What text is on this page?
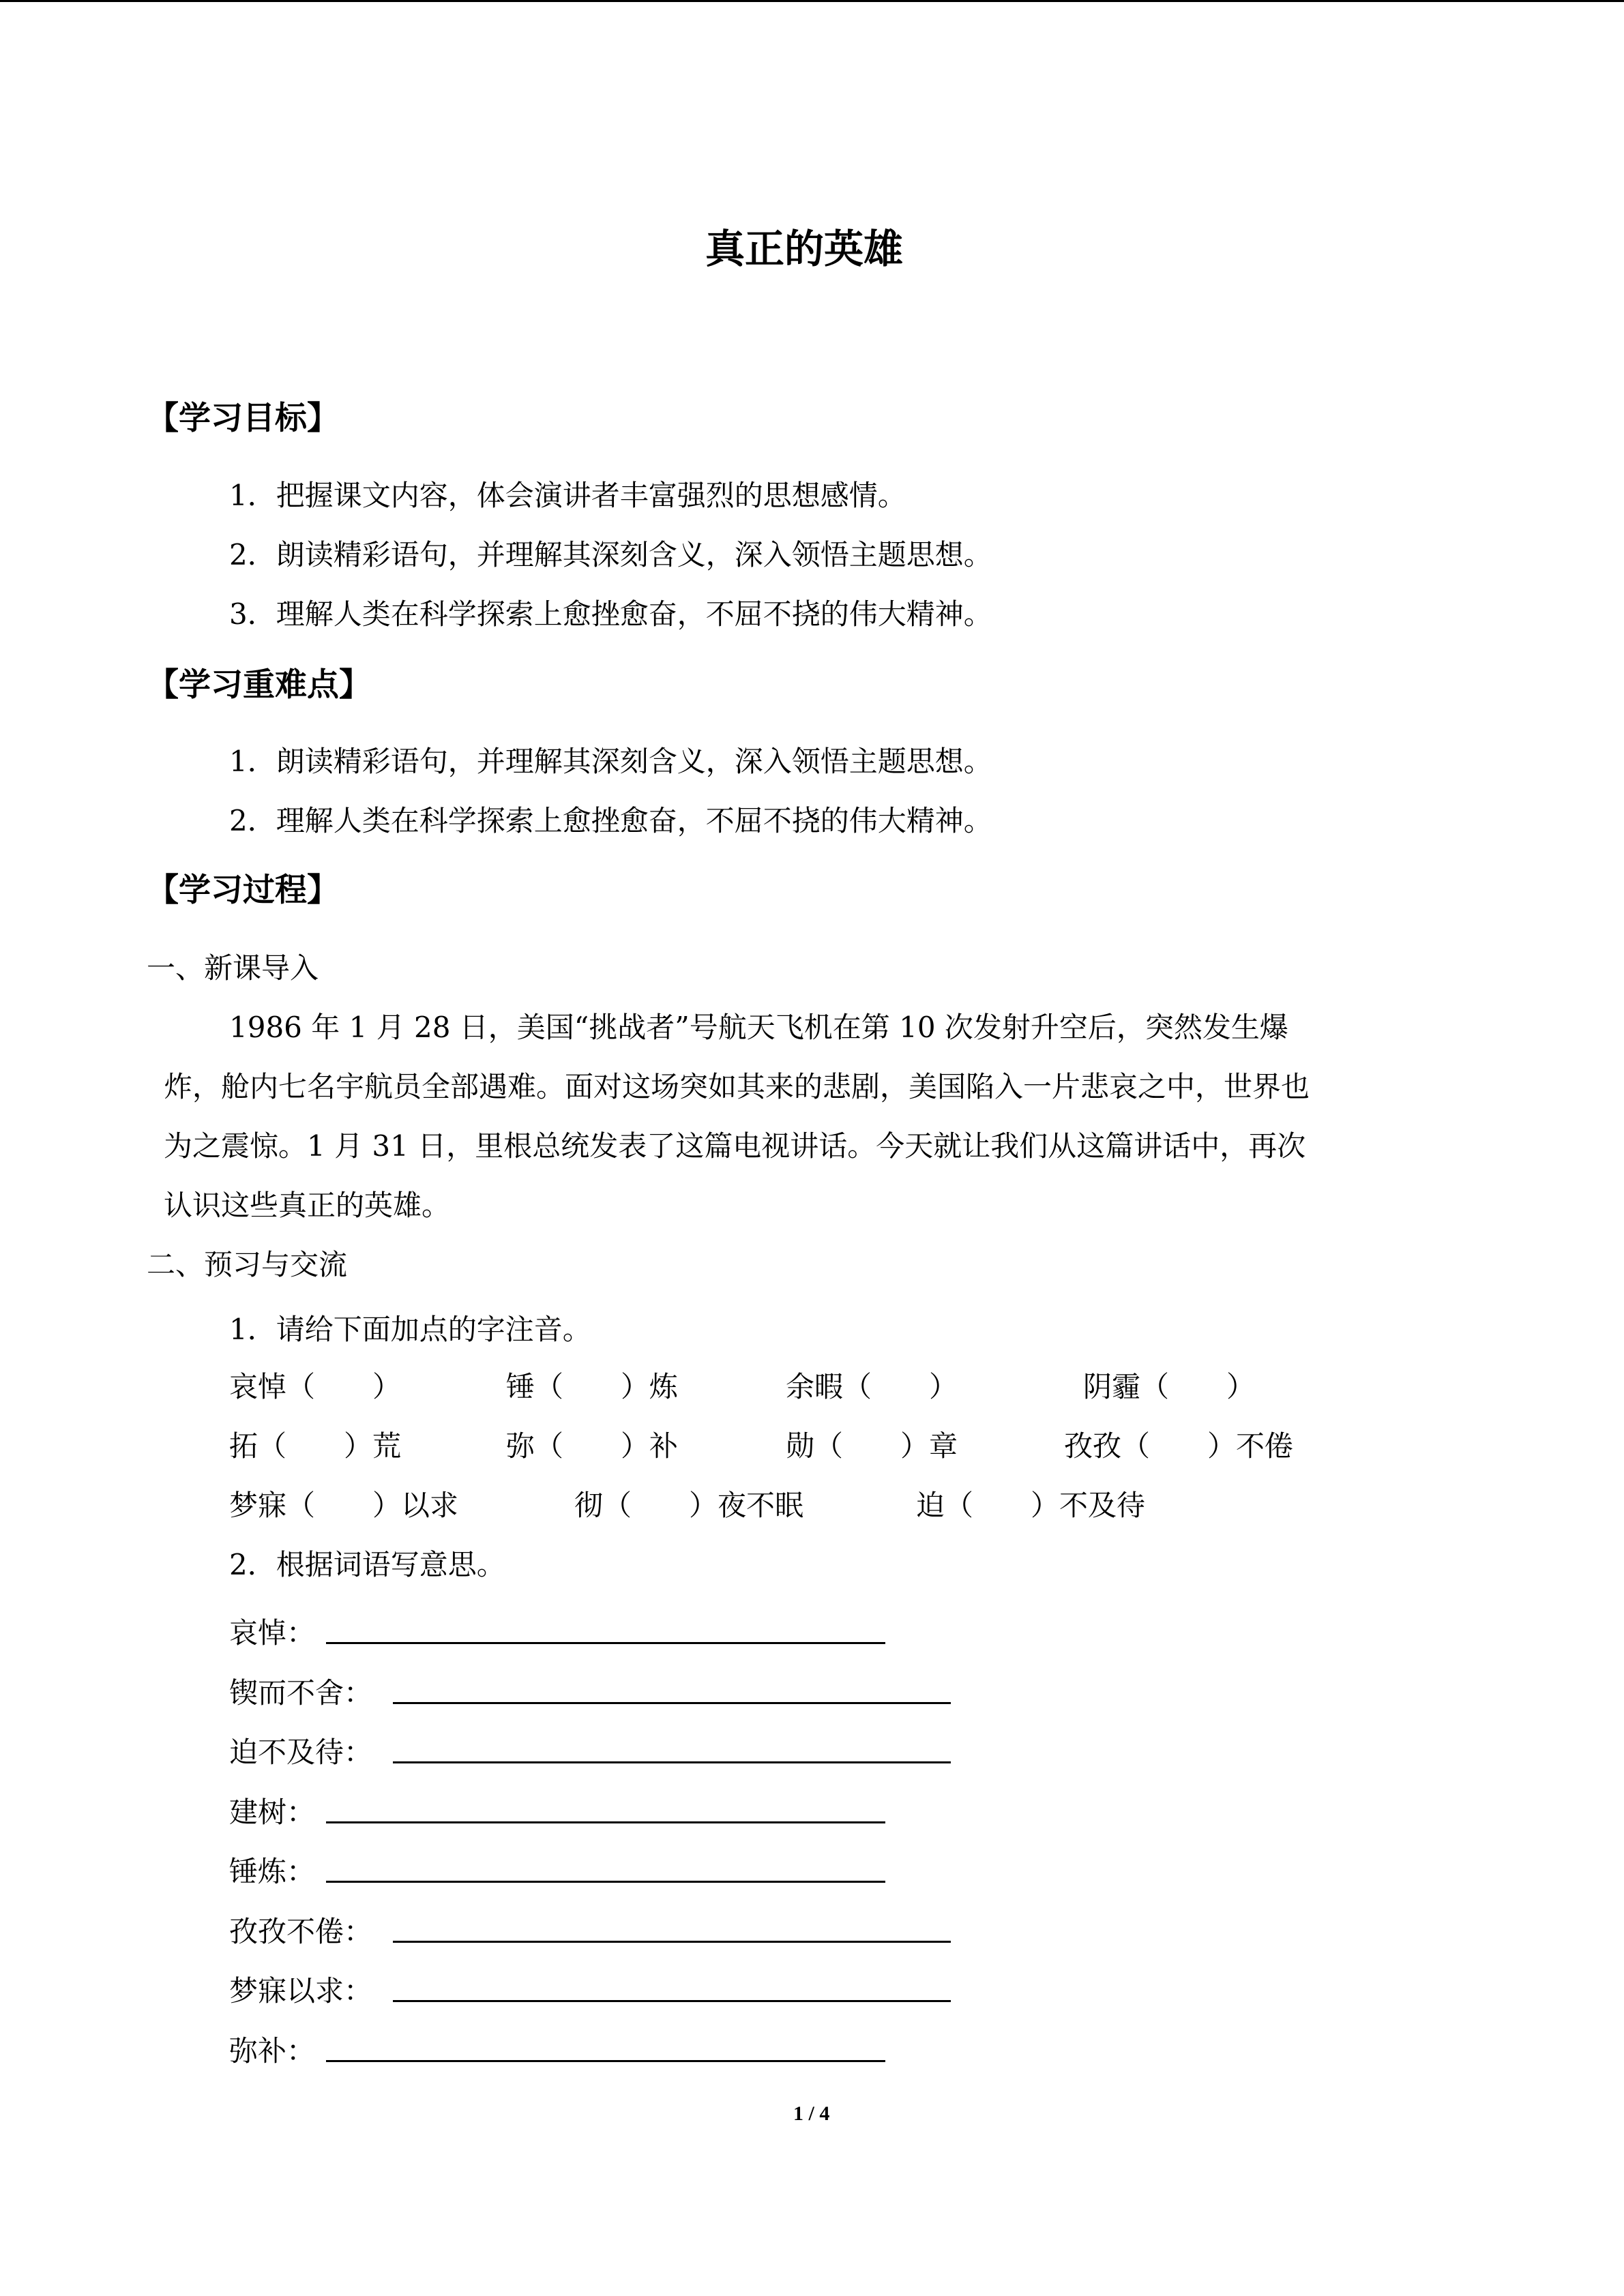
真正的英雄
【学习目标】
1．把握课文内容，体会演讲者丰富强烈的思想感情。
2．朗读精彩语句，并理解其深刻含义，深入领悟主题思想。
3．理解人类在科学探索上愈挫愈奋，不屈不挠的伟大精神。
【学习重难点】
1．朗读精彩语句，并理解其深刻含义，深入领悟主题思想。
2．理解人类在科学探索上愈挫愈奋，不屈不挠的伟大精神。
【学习过程】
一、新课导入
1986 年 1 月 28 日，美国“挑战者”号航天飞机在第 10 次发射升空后，突然发生爆
炸，舱内七名宇航员全部遇难。面对这场突如其来的悲剧，美国陷入一片悲哀之中，世界也
为之震惊。1 月 31 日，里根总统发表了这篇电视讲话。今天就让我们从这篇讲话中，再次
认识这些真正的英雄。
二、预习与交流
1．请给下面加点的字注音。
哀悼（　　）	锤（　　）炼	余暇（　　）	阴霾（　　）
拓（　　）荒	弥（　　）补	勋（　　）章	孜孜（　　）不倦
梦寐（　　）以求	彻（　　）夜不眠	迫（　　）不及待
2．根据词语写意思。
哀悼：
锲而不舍：
迫不及待：
建树：
锤炼：
孜孜不倦：
梦寐以求：
弥补：
1 / 4
